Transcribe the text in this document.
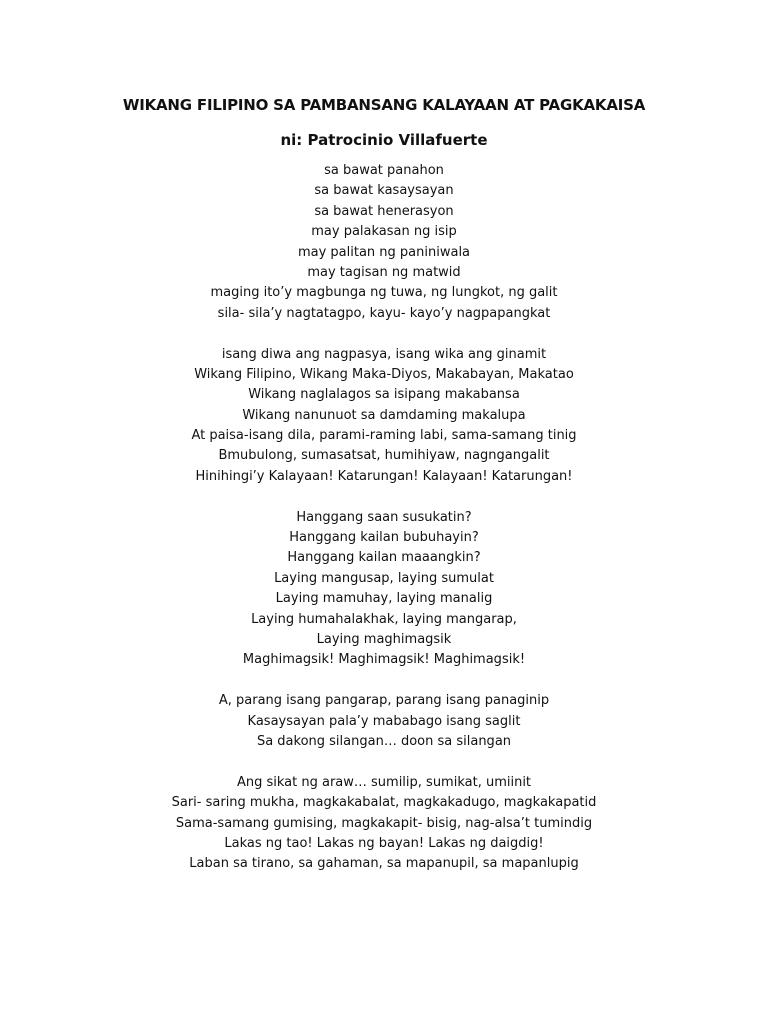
WIKANG FILIPINO SA PAMBANSANG KALAYAAN AT PAGKAKAISA
ni: Patrocinio Villafuerte
sa bawat panahon
sa bawat kasaysayan
sa bawat henerasyon
may palakasan ng isip
may palitan ng paniniwala
may tagisan ng matwid
maging ito’y magbunga ng tuwa, ng lungkot, ng galit
sila- sila’y nagtatagpo, kayu- kayo’y nagpapangkat
isang diwa ang nagpasya, isang wika ang ginamit
Wikang Filipino, Wikang Maka-Diyos, Makabayan, Makatao
Wikang naglalagos sa isipang makabansa
Wikang nanunuot sa damdaming makalupa
At paisa-isang dila, parami-raming labi, sama-samang tinig
Bmubulong, sumasatsat, humihiyaw, nagngangalit
Hinihingi’y Kalayaan! Katarungan! Kalayaan! Katarungan!
Hanggang saan susukatin?
Hanggang kailan bubuhayin?
Hanggang kailan maaangkin?
Laying mangusap, laying sumulat
Laying mamuhay, laying manalig
Laying humahalakhak, laying mangarap,
Laying maghimagsik
Maghimagsik! Maghimagsik! Maghimagsik!
A, parang isang pangarap, parang isang panaginip
Kasaysayan pala’y mababago isang saglit
Sa dakong silangan… doon sa silangan
Ang sikat ng araw… sumilip, sumikat, umiinit
Sari- saring mukha, magkakabalat, magkakadugo, magkakapatid
Sama-samang gumising, magkakapit- bisig, nag-alsa’t tumindig
Lakas ng tao! Lakas ng bayan! Lakas ng daigdig!
Laban sa tirano, sa gahaman, sa mapanupil, sa mapanlupig
